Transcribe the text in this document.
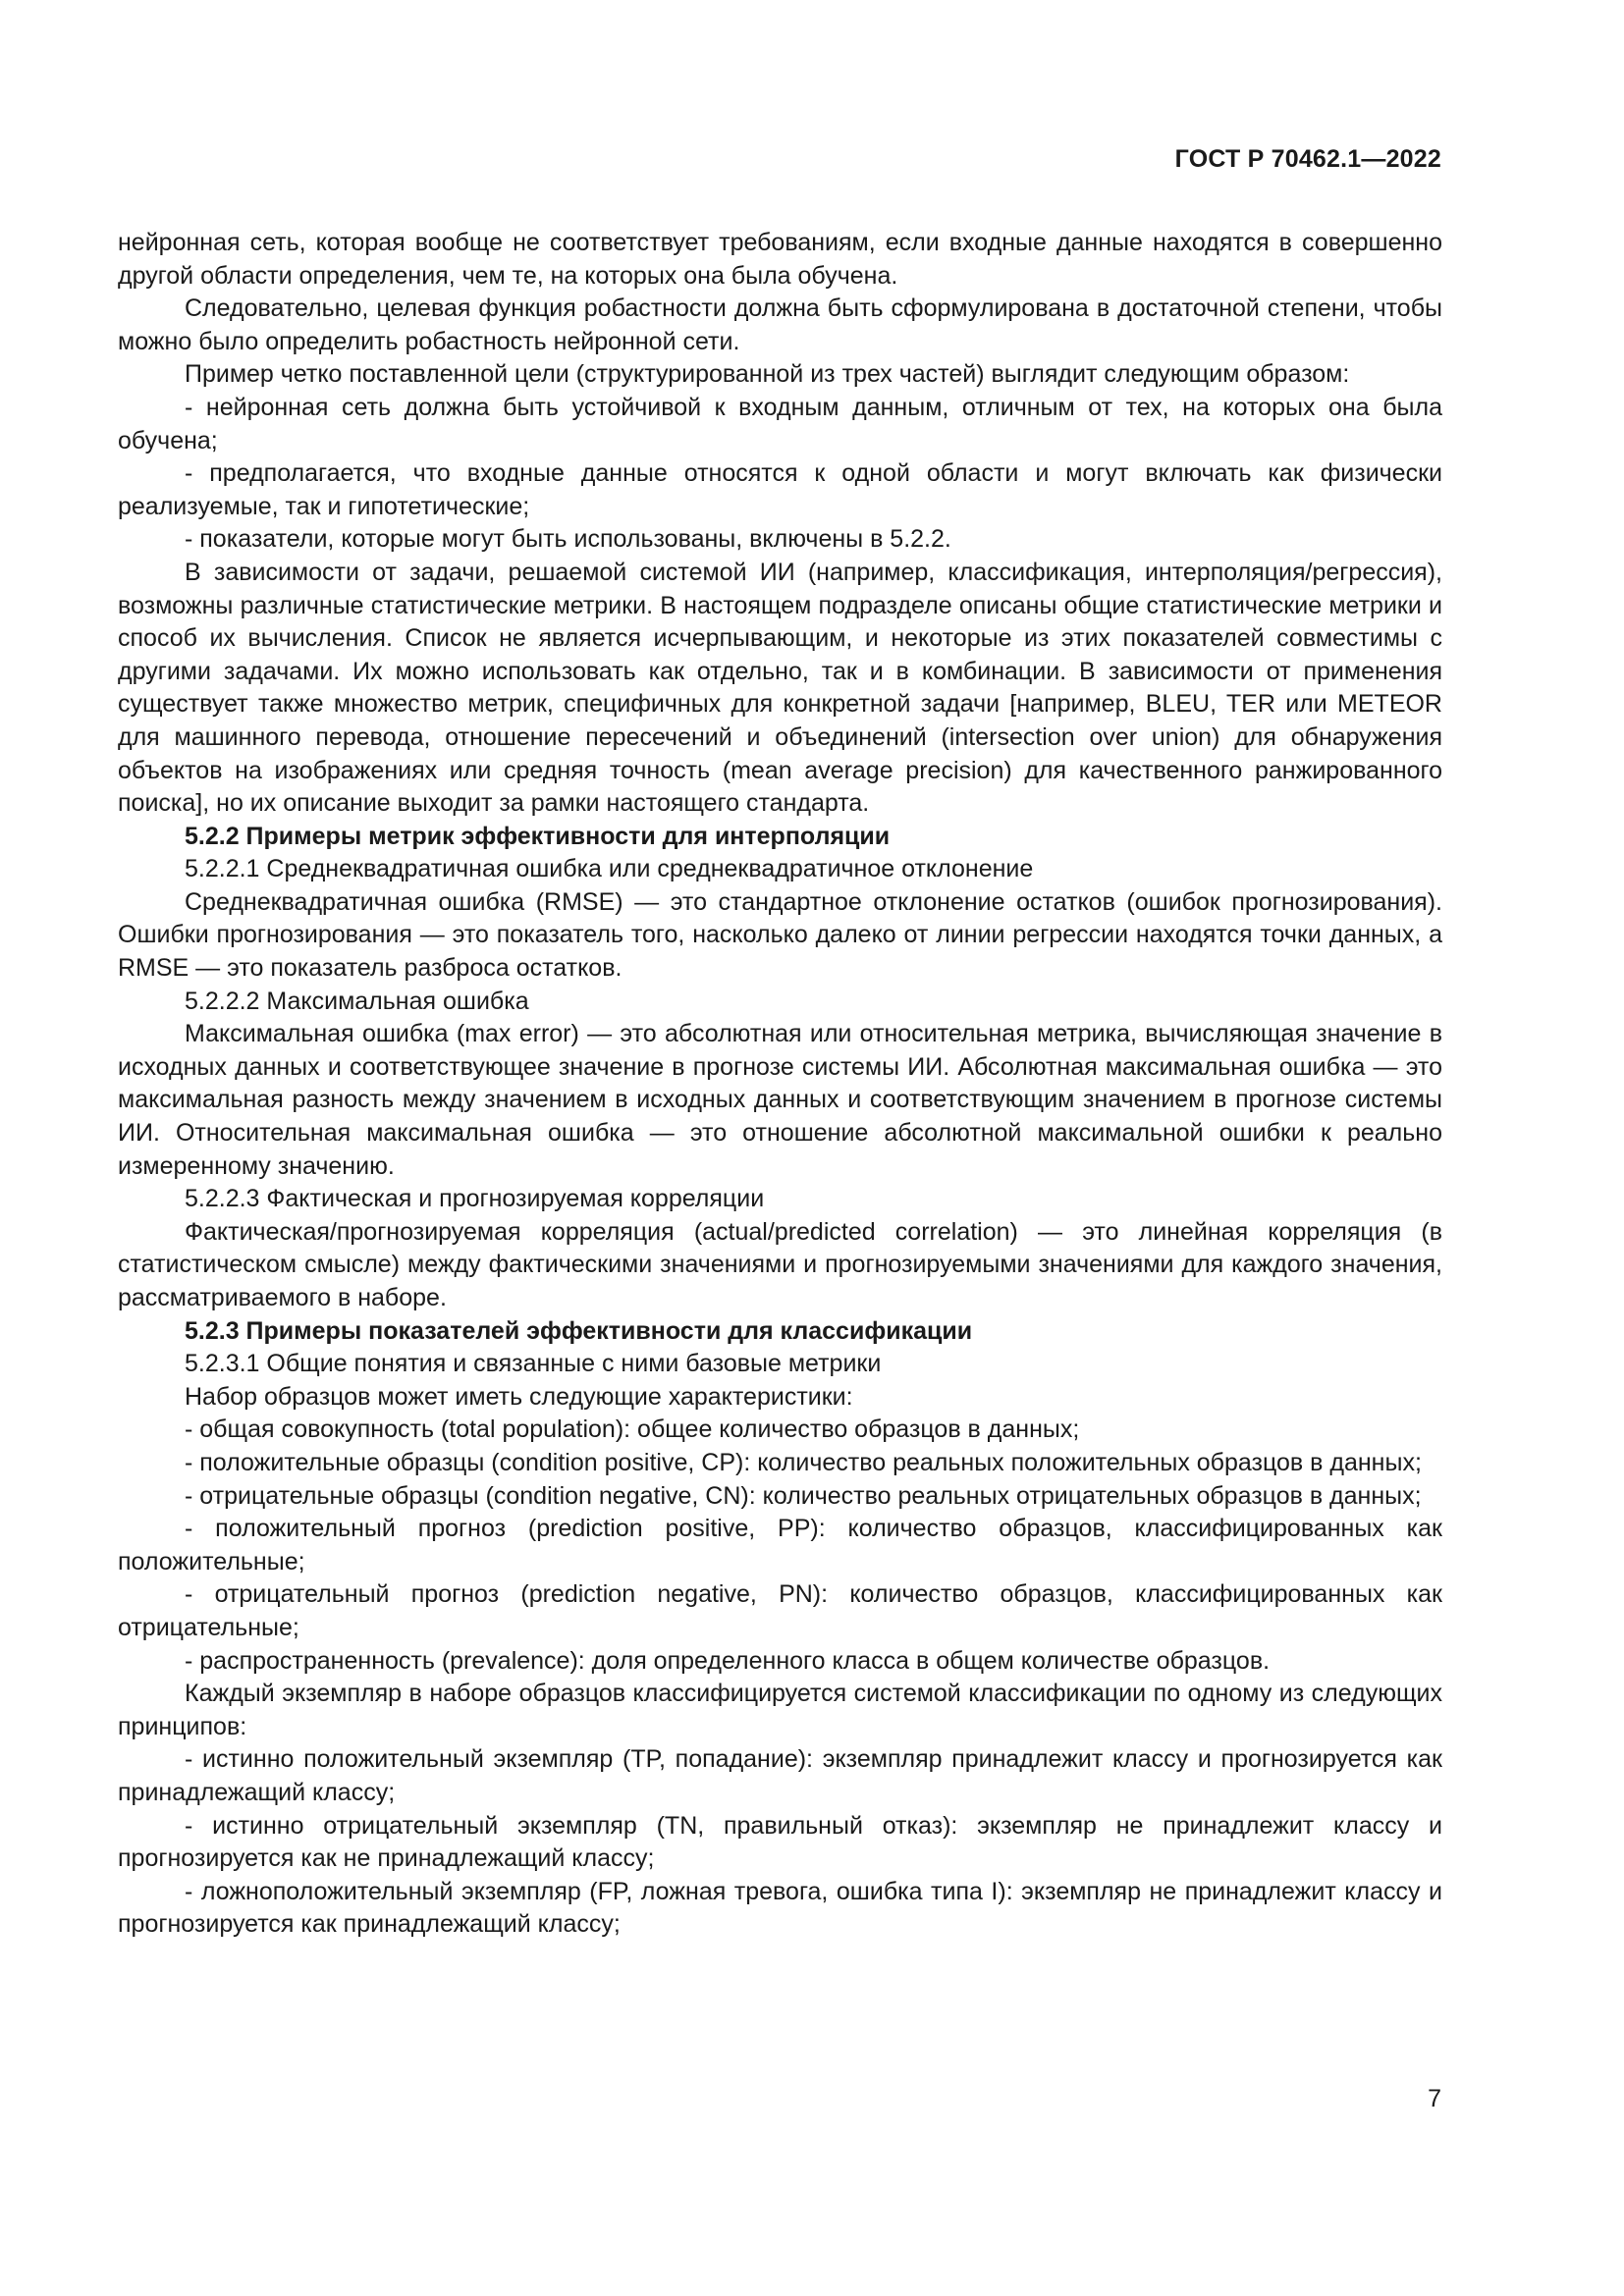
ГОСТ Р 70462.1—2022

нейронная сеть, которая вообще не соответствует требованиям, если входные данные находятся в совершенно другой области определения, чем те, на которых она была обучена.

Следовательно, целевая функция робастности должна быть сформулирована в достаточной степени, чтобы можно было определить робастность нейронной сети.

Пример четко поставленной цели (структурированной из трех частей) выглядит следующим образом:

- нейронная сеть должна быть устойчивой к входным данным, отличным от тех, на которых она была обучена;

- предполагается, что входные данные относятся к одной области и могут включать как физически реализуемые, так и гипотетические;

- показатели, которые могут быть использованы, включены в 5.2.2.

В зависимости от задачи, решаемой системой ИИ (например, классификация, интерполяция/регрессия), возможны различные статистические метрики. В настоящем подразделе описаны общие статистические метрики и способ их вычисления. Список не является исчерпывающим, и некоторые из этих показателей совместимы с другими задачами. Их можно использовать как отдельно, так и в комбинации. В зависимости от применения существует также множество метрик, специфичных для конкретной задачи [например, BLEU, TER или METEOR для машинного перевода, отношение пересечений и объединений (intersection over union) для обнаружения объектов на изображениях или средняя точность (mean average precision) для качественного ранжированного поиска], но их описание выходит за рамки настоящего стандарта.

5.2.2 Примеры метрик эффективности для интерполяции

5.2.2.1 Среднеквадратичная ошибка или среднеквадратичное отклонение

Среднеквадратичная ошибка (RMSE) — это стандартное отклонение остатков (ошибок прогнозирования). Ошибки прогнозирования — это показатель того, насколько далеко от линии регрессии находятся точки данных, а RMSE — это показатель разброса остатков.

5.2.2.2 Максимальная ошибка

Максимальная ошибка (max error) — это абсолютная или относительная метрика, вычисляющая значение в исходных данных и соответствующее значение в прогнозе системы ИИ. Абсолютная максимальная ошибка — это максимальная разность между значением в исходных данных и соответствующим значением в прогнозе системы ИИ. Относительная максимальная ошибка — это отношение абсолютной максимальной ошибки к реально измеренному значению.

5.2.2.3 Фактическая и прогнозируемая корреляции

Фактическая/прогнозируемая корреляция (actual/predicted correlation) — это линейная корреляция (в статистическом смысле) между фактическими значениями и прогнозируемыми значениями для каждого значения, рассматриваемого в наборе.

5.2.3 Примеры показателей эффективности для классификации

5.2.3.1 Общие понятия и связанные с ними базовые метрики

Набор образцов может иметь следующие характеристики:

- общая совокупность (total population): общее количество образцов в данных;

- положительные образцы (condition positive, CP): количество реальных положительных образцов в данных;

- отрицательные образцы (condition negative, CN): количество реальных отрицательных образцов в данных;

- положительный прогноз (prediction positive, PP): количество образцов, классифицированных как положительные;

- отрицательный прогноз (prediction negative, PN): количество образцов, классифицированных как отрицательные;

- распространенность (prevalence): доля определенного класса в общем количестве образцов.

Каждый экземпляр в наборе образцов классифицируется системой классификации по одному из следующих принципов:

- истинно положительный экземпляр (TP, попадание): экземпляр принадлежит классу и прогнозируется как принадлежащий классу;

- истинно отрицательный экземпляр (TN, правильный отказ): экземпляр не принадлежит классу и прогнозируется как не принадлежащий классу;

- ложноположительный экземпляр (FP, ложная тревога, ошибка типа I): экземпляр не принадлежит классу и прогнозируется как принадлежащий классу;

7
